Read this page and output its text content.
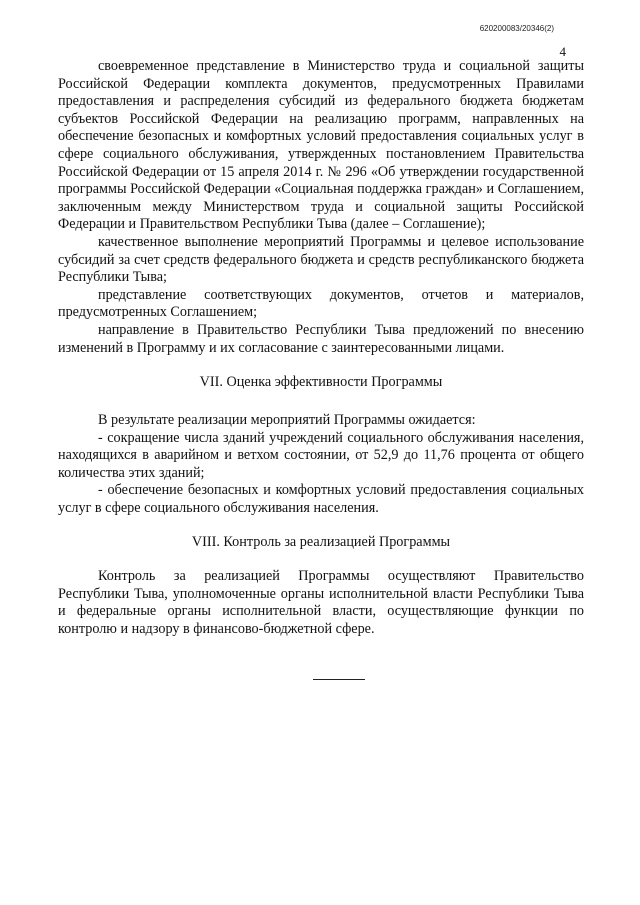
620200083/20346(2)
4

своевременное представление в Министерство труда и социальной защиты Российской Федерации комплекта документов, предусмотренных Правилами предоставления и распределения субсидий из федерального бюджета бюджетам субъектов Российской Федерации на реализацию программ, направленных на обеспечение безопасных и комфортных условий предоставления социальных услуг в сфере социального обслуживания, утвержденных постановлением Правительства Российской Федерации от 15 апреля 2014 г. № 296 «Об утверждении государственной программы Российской Федерации «Социальная поддержка граждан» и Соглашением, заключенным между Министерством труда и социальной защиты Российской Федерации и Правительством Республики Тыва (далее – Соглашение);

качественное выполнение мероприятий Программы и целевое использование субсидий за счет средств федерального бюджета и средств республиканского бюджета Республики Тыва;

представление соответствующих документов, отчетов и материалов, предусмотренных Соглашением;

направление в Правительство Республики Тыва предложений по внесению изменений в Программу и их согласование с заинтересованными лицами.

VII. Оценка эффективности Программы

В результате реализации мероприятий Программы ожидается:

- сокращение числа зданий учреждений социального обслуживания населения, находящихся в аварийном и ветхом состоянии, от 52,9 до 11,76 процента от общего количества этих зданий;

- обеспечение безопасных и комфортных условий предоставления социальных услуг в сфере социального обслуживания населения.

VIII. Контроль за реализацией Программы

Контроль за реализацией Программы осуществляют Правительство Республики Тыва, уполномоченные органы исполнительной власти Республики Тыва и федеральные органы исполнительной власти, осуществляющие функции по контролю и надзору в финансово-бюджетной сфере.
